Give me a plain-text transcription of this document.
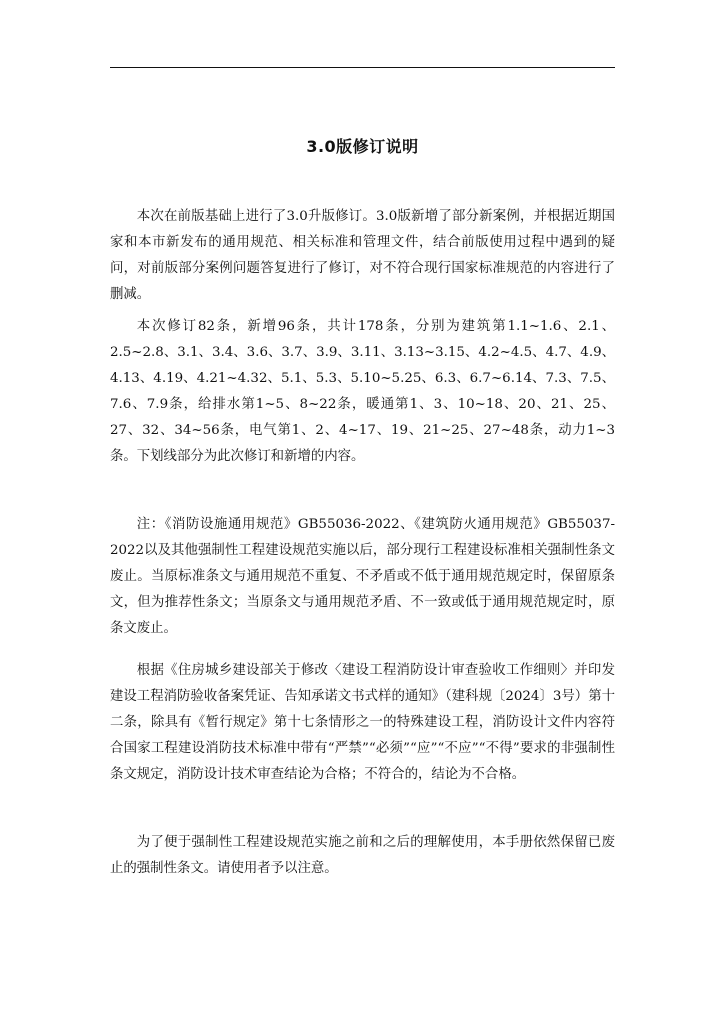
3.0版修订说明

本次在前版基础上进行了3.0升版修订。3.0版新增了部分新案例，并根据近期国家和本市新发布的通用规范、相关标准和管理文件，结合前版使用过程中遇到的疑问，对前版部分案例问题答复进行了修订，对不符合现行国家标准规范的内容进行了删减。

本次修订82条，新增96条，共计178条，分别为建筑第1.1~1.6、2.1、2.5~2.8、3.1、3.4、3.6、3.7、3.9、3.11、3.13~3.15、4.2~4.5、4.7、4.9、4.13、4.19、4.21~4.32、5.1、5.3、5.10~5.25、6.3、6.7~6.14、7.3、7.5、7.6、7.9条，给排水第1~5、8~22条，暖通第1、3、10~18、20、21、25、27、32、34~56条，电气第1、2、4~17、19、21~25、27~48条，动力1~3条。下划线部分为此次修订和新增的内容。

注：《消防设施通用规范》GB55036-2022、《建筑防火通用规范》GB55037-2022以及其他强制性工程建设规范实施以后，部分现行工程建设标准相关强制性条文废止。当原标准条文与通用规范不重复、不矛盾或不低于通用规范规定时，保留原条文，但为推荐性条文；当原条文与通用规范矛盾、不一致或低于通用规范规定时，原条文废止。

根据《住房城乡建设部关于修改〈建设工程消防设计审查验收工作细则〉并印发建设工程消防验收备案凭证、告知承诺文书式样的通知》（建科规〔2024〕3号）第十二条，除具有《暂行规定》第十七条情形之一的特殊建设工程，消防设计文件内容符合国家工程建设消防技术标准中带有“严禁”“必须”“应”“不应”“不得”要求的非强制性条文规定，消防设计技术审查结论为合格；不符合的，结论为不合格。

为了便于强制性工程建设规范实施之前和之后的理解使用，本手册依然保留已废止的强制性条文。请使用者予以注意。
